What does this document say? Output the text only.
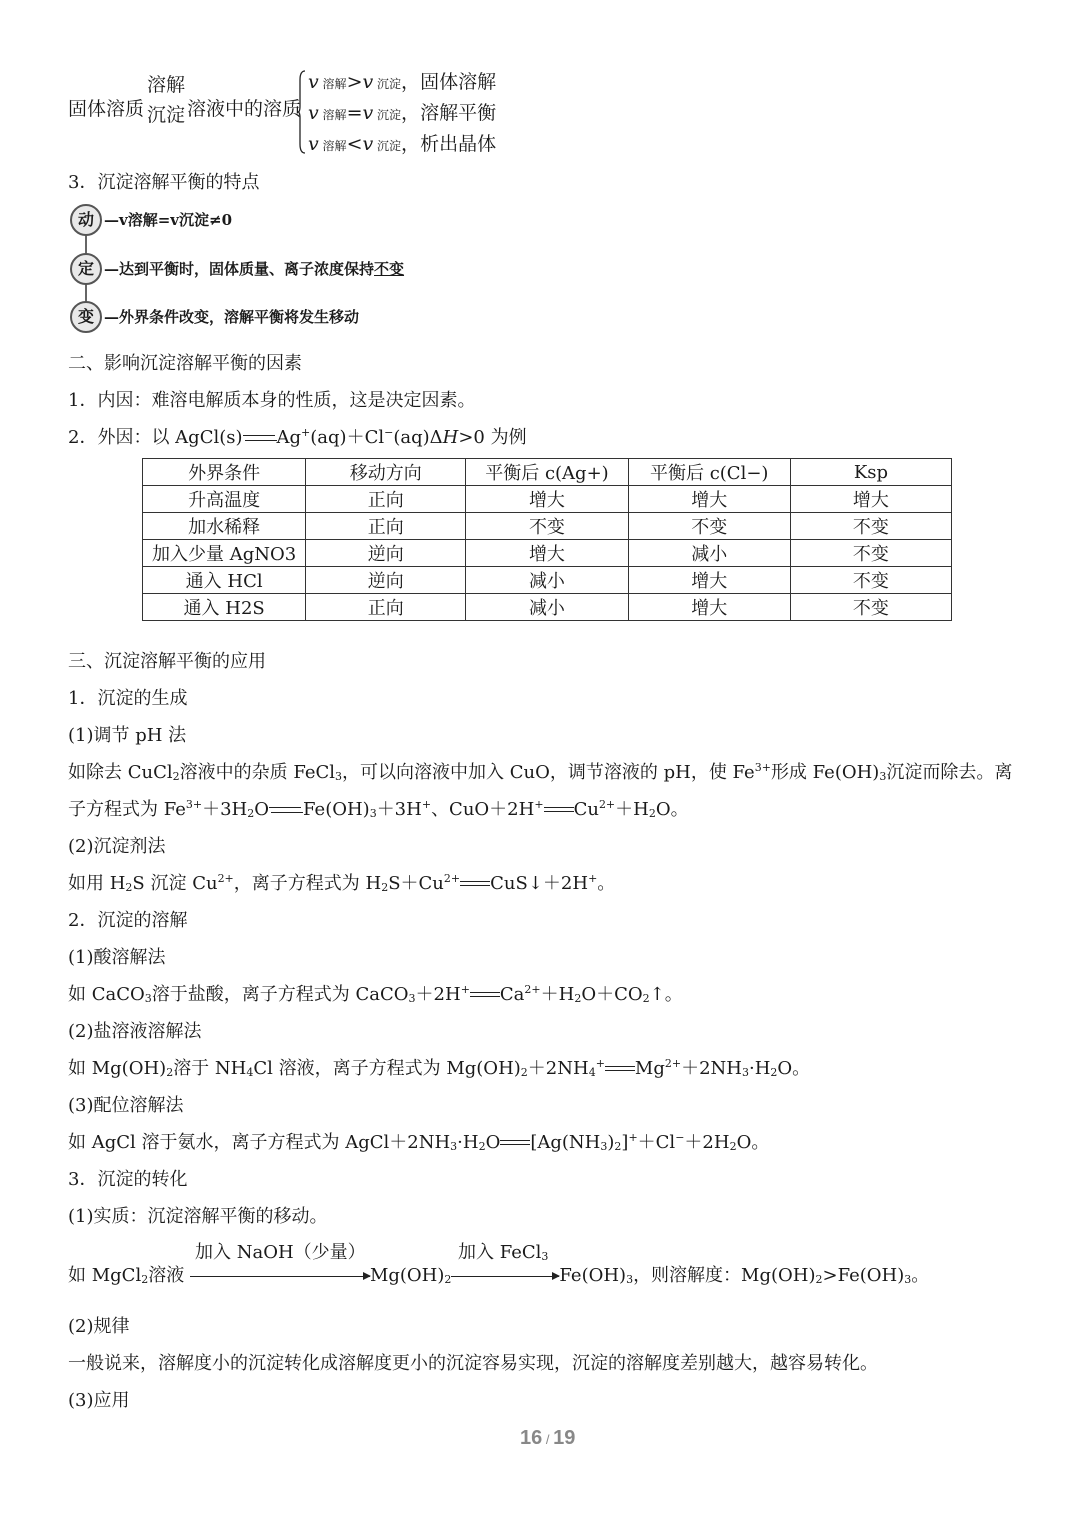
固体溶质
溶解
沉淀 溶液中的溶质
v 溶解>v 沉淀，固体溶解
v 溶解=v 沉淀，溶解平衡
v 溶解<v 沉淀，析出晶体
3．沉淀溶解平衡的特点
动 —v溶解=v沉淀≠0
定 —达到平衡时，固体质量、离子浓度保持不变
变 —外界条件改变，溶解平衡将发生移动
二、影响沉淀溶解平衡的因素
1．内因：难溶电解质本身的性质，这是决定因素。
2．外因：以 AgCl(s) Ag+(aq)＋Cl−(aq)ΔH>0 为例
外界条件	移动方向	平衡后 c(Ag+)	平衡后 c(Cl−)	Ksp
升高温度	正向	增大	增大	增大
加水稀释	正向	不变	不变	不变
加入少量 AgNO3	逆向	增大	减小	不变
通入 HCl	逆向	减小	增大	不变
通入 H2S	正向	减小	增大	不变
三、沉淀溶解平衡的应用
1．沉淀的生成
(1)调节 pH 法
如除去 CuCl$_2$溶液中的杂质 FeCl$_3$，可以向溶液中加入 CuO，调节溶液的 pH，使 $Fe^{3+}$形成 $Fe(OH)_3$沉淀而除去。离
子方程式为 $Fe^{3+}+3H_2O$ $Fe(OH)_3+3H^+$、CuO＋2H+ $Cu^{2+}+H_2O$。
(2)沉淀剂法
如用 $H_2S$ 沉淀 $Cu^{2+}$，离子方程式为 $H_2S+Cu^{2+}$ CuS↓＋2H+。
2．沉淀的溶解
(1)酸溶解法
如 CaCO$_3$溶于盐酸，离子方程式为 CaCO$_3$＋2H+ $Ca^{2+}+H_2O+CO_2↑$。
(2)盐溶液溶解法
如 $Mg(OH)_2$溶于 $NH_4Cl$ 溶液，离子方程式为 $Mg(OH)_2+2NH_4^+$ $Mg^{2+}+2NH_3\cdot H_2O$。
(3)配位溶解法
如 AgCl 溶于氨水，离子方程式为 $AgCl+2NH_3\cdot H_2O$ $[Ag(NH_3)_2]^++Cl^-+2H_2O$。
3．沉淀的转化
(1)实质：沉淀溶解平衡的移动。
加入 NaOH（少量）	加入 FeCl$_3$
如 MgCl$_2$溶液	$Mg(OH)_2$	$Fe(OH)_3$，则溶解度：$Mg(OH)_2>Fe(OH)_3$。
(2)规律
一般说来，溶解度小的沉淀转化成溶解度更小的沉淀容易实现，沉淀的溶解度差别越大，越容易转化。
(3)应用
16 / 19
